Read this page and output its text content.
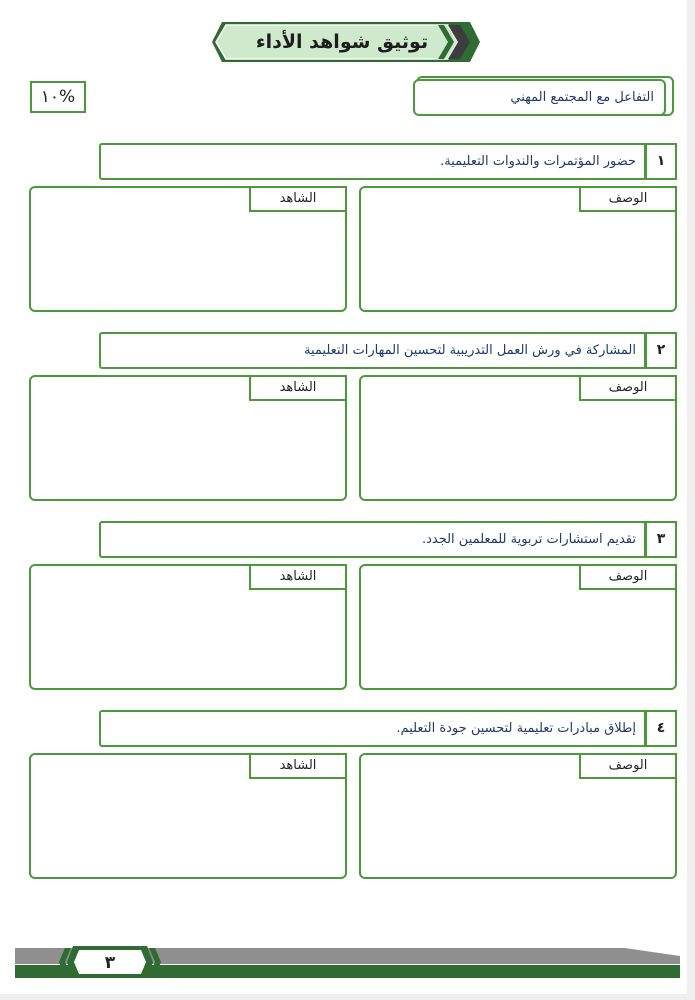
توثيق شواهد الأداء
%١٠	التفاعل مع المجتمع المهني
حضور المؤتمرات والندوات التعليمية.	١
الشاهد	الوصف
المشاركة في ورش العمل التدريبية لتحسين المهارات التعليمية	٢
الشاهد	الوصف
تقديم استشارات تربوية للمعلمين الجدد.	٣
الشاهد	الوصف
إطلاق مبادرات تعليمية لتحسين جودة التعليم.	٤
الشاهد	الوصف
٣
